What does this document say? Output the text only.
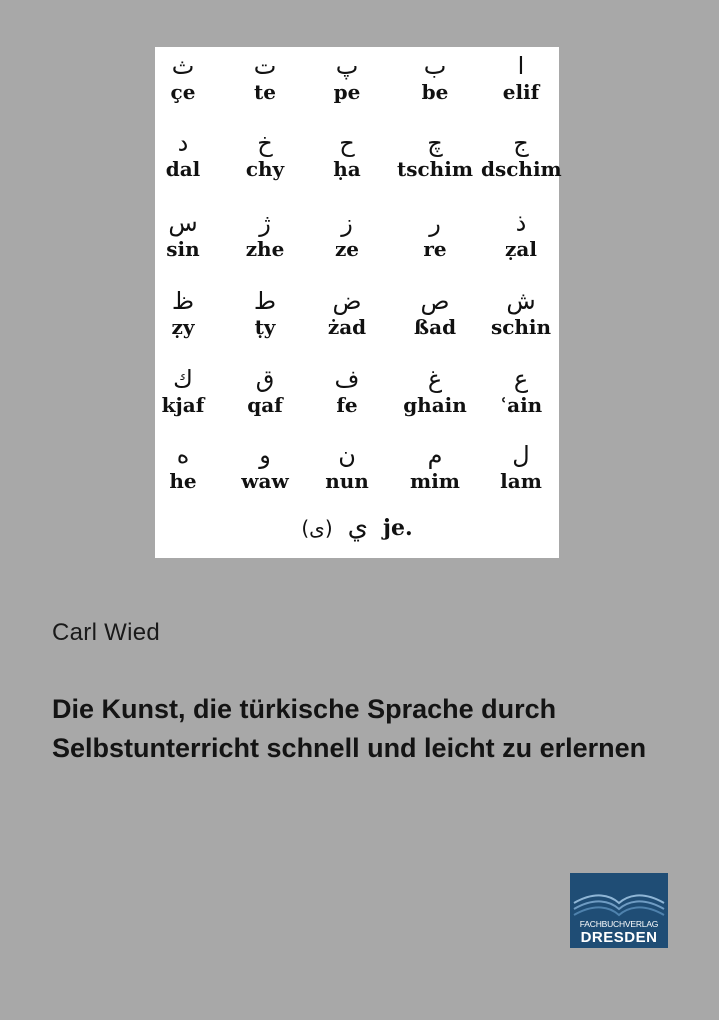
ث
çe
ت
te
پ
pe
ب
be
ا
elif
د
dal
خ
chy
ح
ḥa
چ
tschim
ج
dschim
س
sin
ژ
zhe
ز
ze
ر
re
ذ
ẓal
ظ
ẓy
ط
ṭy
ض
żad
ص
ßad
ش
schin
ك
kjaf
ق
qaf
ف
fe
غ
ghain
ع
ʿain
ه
he
و
waw
ن
nun
م
mim
ل
lam
(ى) ي je.
Carl Wied
Die Kunst, die türkische Sprache durch Selbstunterricht schnell und leicht zu erlernen
FACHBUCHVERLAG
DRESDEN
